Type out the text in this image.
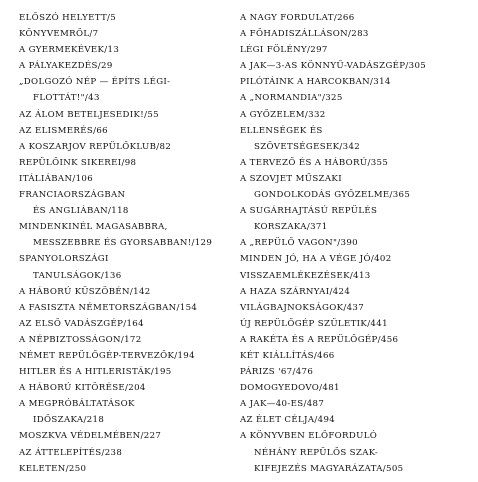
ELŐSZÓ HELYETT/5
KÖNYVEMRŐL/7
A GYERMEKÉVEK/13
A PÁLYAKEZDÉS/29
„DOLGOZÓ NÉP — ÉPÍTS LÉGI-
FLOTTÁT!"/43
AZ ÁLOM BETELJESEDIK!/55
AZ ELISMERÉS/66
A KOSZARJOV REPÜLŐKLUB/82
REPÜLŐINK SIKEREI/98
ITÁLIÁBAN/106
FRANCIAORSZÁGBAN
ÉS ANGLIÁBAN/118
MINDENKINÉL MAGASABBRA,
MESSZEBBRE ÉS GYORSABBAN!/129
SPANYOLORSZÁGI
TANULSÁGOK/136
A HÁBORÚ KÜSZÖBÉN/142
A FASISZTA NÉMETORSZÁGBAN/154
AZ ELSŐ VADÁSZGÉP/164
A NÉPBIZTOSSÁGON/172
NÉMET REPÜLŐGÉP-TERVEZŐK/194
HITLER ÉS A HITLERISTÁK/195
A HÁBORÚ KITÖRÉSE/204
A MEGPRÓBÁLTATÁSOK
IDŐSZAKA/218
MOSZKVA VÉDELMÉBEN/227
AZ ÁTTELEPÍTÉS/238
KELETEN/250
A NAGY FORDULAT/266
A FŐHADISZÁLLÁSON/283
LÉGI FÖLÉNY/297
A JAK—3-AS KÖNNYŰ-VADÁSZGÉP/305
PILÓTÁINK A HARCOKBAN/314
A „NORMANDIA"/325
A GYŐZELEM/332
ELLENSÉGEK ÉS
SZÖVETSÉGESEK/342
A TERVEZŐ ÉS A HÁBORÚ/355
A SZOVJET MŰSZAKI
GONDOLKODÁS GYŐZELME/365
A SUGÁRHAJTÁSÚ REPÜLÉS
KORSZAKA/371
A „REPÜLŐ VAGON"/390
MINDEN JÓ, HA A VÉGE JÓ/402
VISSZAEMLÉKEZÉSEK/413
A HAZA SZÁRNYAI/424
VILÁGBAJNOKSÁGOK/437
ÚJ REPÜLŐGÉP SZÜLETIK/441
A RAKÉTA ÉS A REPÜLŐGÉP/456
KÉT KIÁLLÍTÁS/466
PÁRIZS '67/476
DOMOGYEDOVO/481
A JAK—40-ES/487
AZ ÉLET CÉLJA/494
A KÖNYVBEN ELŐFORDULÓ
NÉHÁNY REPÜLŐS SZAK-
KIFEJEZÉS MAGYARÁZATA/505
